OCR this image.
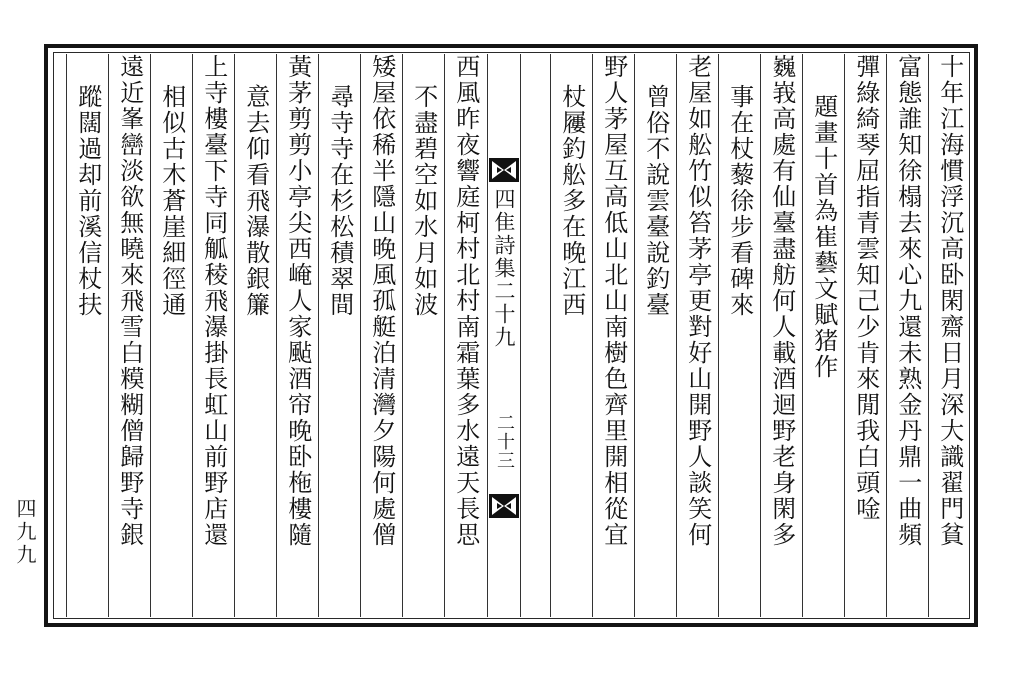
十年江海慣浮沉高卧閑齋日月深大識翟門貧
富態誰知徐榻去來心九還未熟金丹鼎一曲頻
彈綠綺琴屈指青雲知己少肯來閒我白頭唫
題畫十首為崔藝文賦猪作
巍峩高處有仙臺盡舫何人載酒迴野老身閑多
事在杖藜徐步看碑來
老屋如舩竹似笞茅亭更對好山開野人談笑何
曾俗不說雲臺說釣臺
野人茅屋互高低山北山南樹色齊里開相從宜
杖屨釣舩多在晚江西
四隹詩集二十九
二十三
西風昨夜響庭柯村北村南霜葉多水遠天長思
不盡碧空如水月如波
矮屋依稀半隱山晚風孤艇泊清灣夕陽何處僧
尋寺寺在杉松積翠間
黃茅剪剪小亭尖西崦人家颭酒帘晚卧柂樓隨
意去仰看飛瀑散銀簾
上寺樓臺下寺同觚稜飛瀑掛長虹山前野店還
相似古木蒼崖細徑通
遠近峯巒淡欲無曉來飛雪白糢糊僧歸野寺銀
蹤闊過却前溪信杖扶
四九九
